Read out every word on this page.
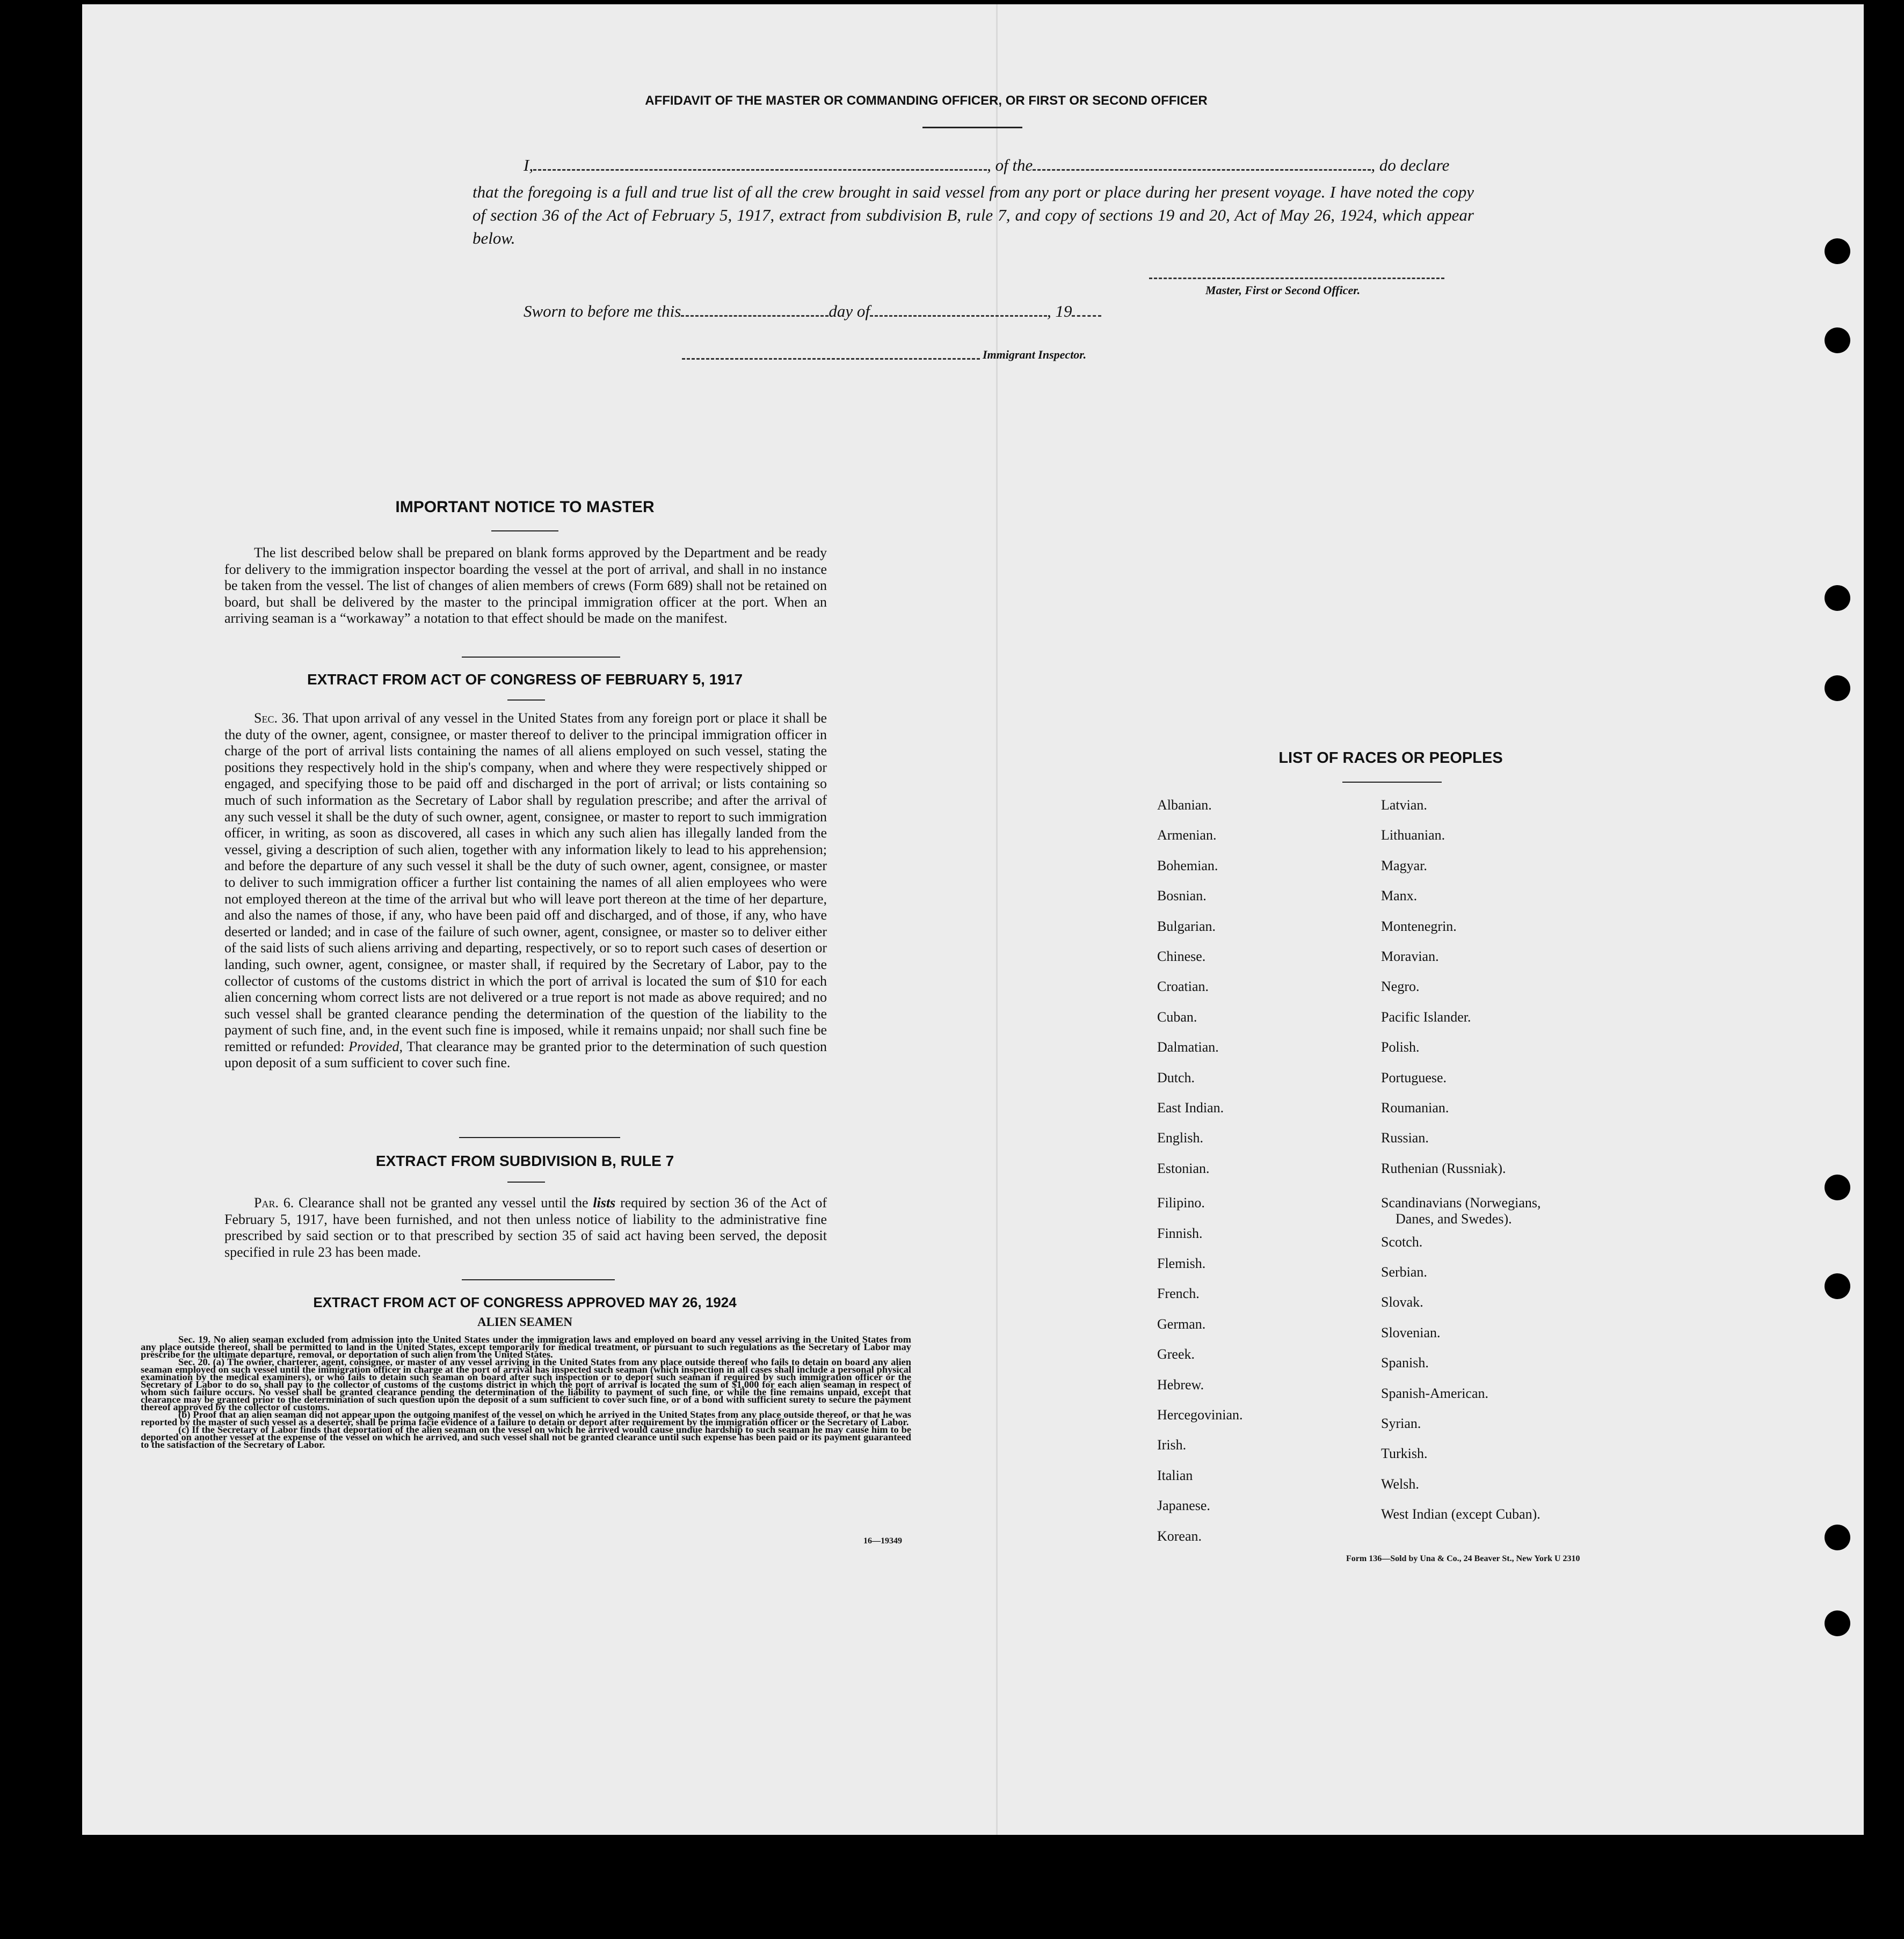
AFFIDAVIT OF THE MASTER OR COMMANDING OFFICER, OR FIRST OR SECOND OFFICER
I,	, of the	, do declare
that the foregoing is a full and true list of all the crew brought in said vessel from any port or place during her present voyage. I have noted the copy of section 36 of the Act of February 5, 1917, extract from subdivision B, rule 7, and copy of sections 19 and 20, Act of May 26, 1924, which appear below.
Master, First or Second Officer.
Sworn to before me this	day of	, 19
Immigrant Inspector.
IMPORTANT NOTICE TO MASTER
The list described below shall be prepared on blank forms approved by the Department and be ready for delivery to the immigration inspector boarding the vessel at the port of arrival, and shall in no instance be taken from the vessel. The list of changes of alien members of crews (Form 689) shall not be retained on board, but shall be delivered by the master to the principal immigration officer at the port. When an arriving seaman is a “workaway” a notation to that effect should be made on the manifest.
EXTRACT FROM ACT OF CONGRESS OF FEBRUARY 5, 1917
Sec. 36. That upon arrival of any vessel in the United States from any foreign port or place it shall be the duty of the owner, agent, consignee, or master thereof to deliver to the principal immigration officer in charge of the port of arrival lists containing the names of all aliens employed on such vessel, stating the positions they respectively hold in the ship's company, when and where they were respectively shipped or engaged, and specifying those to be paid off and discharged in the port of arrival; or lists containing so much of such information as the Secretary of Labor shall by regulation prescribe; and after the arrival of any such vessel it shall be the duty of such owner, agent, consignee, or master to report to such immigration officer, in writing, as soon as discovered, all cases in which any such alien has illegally landed from the vessel, giving a description of such alien, together with any information likely to lead to his apprehension; and before the departure of any such vessel it shall be the duty of such owner, agent, consignee, or master to deliver to such immigration officer a further list containing the names of all alien employees who were not employed thereon at the time of the arrival but who will leave port thereon at the time of her departure, and also the names of those, if any, who have been paid off and discharged, and of those, if any, who have deserted or landed; and in case of the failure of such owner, agent, consignee, or master so to deliver either of the said lists of such aliens arriving and departing, respectively, or so to report such cases of desertion or landing, such owner, agent, consignee, or master shall, if required by the Secretary of Labor, pay to the collector of customs of the customs district in which the port of arrival is located the sum of $10 for each alien concerning whom correct lists are not delivered or a true report is not made as above required; and no such vessel shall be granted clearance pending the determination of the question of the liability to the payment of such fine, and, in the event such fine is imposed, while it remains unpaid; nor shall such fine be remitted or refunded: Provided, That clearance may be granted prior to the determination of such question upon deposit of a sum sufficient to cover such fine.
EXTRACT FROM SUBDIVISION B, RULE 7
Par. 6. Clearance shall not be granted any vessel until the lists required by section 36 of the Act of February 5, 1917, have been furnished, and not then unless notice of liability to the administrative fine prescribed by said section or to that prescribed by section 35 of said act having been served, the deposit specified in rule 23 has been made.
EXTRACT FROM ACT OF CONGRESS APPROVED MAY 26, 1924
ALIEN SEAMEN
Sec. 19. No alien seaman excluded from admission into the United States under the immigration laws and employed on board any vessel arriving in the United States from any place outside thereof, shall be permitted to land in the United States, except temporarily for medical treatment, or pursuant to such regulations as the Secretary of Labor may prescribe for the ultimate departure, removal, or deportation of such alien from the United States.
Sec. 20. (a) The owner, charterer, agent, consignee, or master of any vessel arriving in the United States from any place outside thereof who fails to detain on board any alien seaman employed on such vessel until the immigration officer in charge at the port of arrival has inspected such seaman (which inspection in all cases shall include a personal physical examination by the medical examiners), or who fails to detain such seaman on board after such inspection or to deport such seaman if required by such immigration officer or the Secretary of Labor to do so, shall pay to the collector of customs of the customs district in which the port of arrival is located the sum of $1,000 for each alien seaman in respect of whom such failure occurs. No vessel shall be granted clearance pending the determination of the liability to payment of such fine, or while the fine remains unpaid, except that clearance may be granted prior to the determination of such question upon the deposit of a sum sufficient to cover such fine, or of a bond with sufficient surety to secure the payment thereof approved by the collector of customs.
(b) Proof that an alien seaman did not appear upon the outgoing manifest of the vessel on which he arrived in the United States from any place outside thereof, or that he was reported by the master of such vessel as a deserter, shall be prima facie evidence of a failure to detain or deport after requirement by the immigration officer or the Secretary of Labor.
(c) If the Secretary of Labor finds that deportation of the alien seaman on the vessel on which he arrived would cause undue hardship to such seaman he may cause him to be deported on another vessel at the expense of the vessel on which he arrived, and such vessel shall not be granted clearance until such expense has been paid or its payment guaranteed to the satisfaction of the Secretary of Labor.
16—19349
LIST OF RACES OR PEOPLES
Albanian.
Armenian.
Bohemian.
Bosnian.
Bulgarian.
Chinese.
Croatian.
Cuban.
Dalmatian.
Dutch.
East Indian.
English.
Estonian.
Filipino.
Finnish.
Flemish.
French.
German.
Greek.
Hebrew.
Hercegovinian.
Irish.
Italian
Japanese.
Korean.
Latvian.
Lithuanian.
Magyar.
Manx.
Montenegrin.
Moravian.
Negro.
Pacific Islander.
Polish.
Portuguese.
Roumanian.
Russian.
Ruthenian (Russniak).
Scandinavians (Norwegians,
Danes, and Swedes).
Scotch.
Serbian.
Slovak.
Slovenian.
Spanish.
Spanish-American.
Syrian.
Turkish.
Welsh.
West Indian (except Cuban).
Form 136—Sold by Una & Co., 24 Beaver St., New York U 2310
